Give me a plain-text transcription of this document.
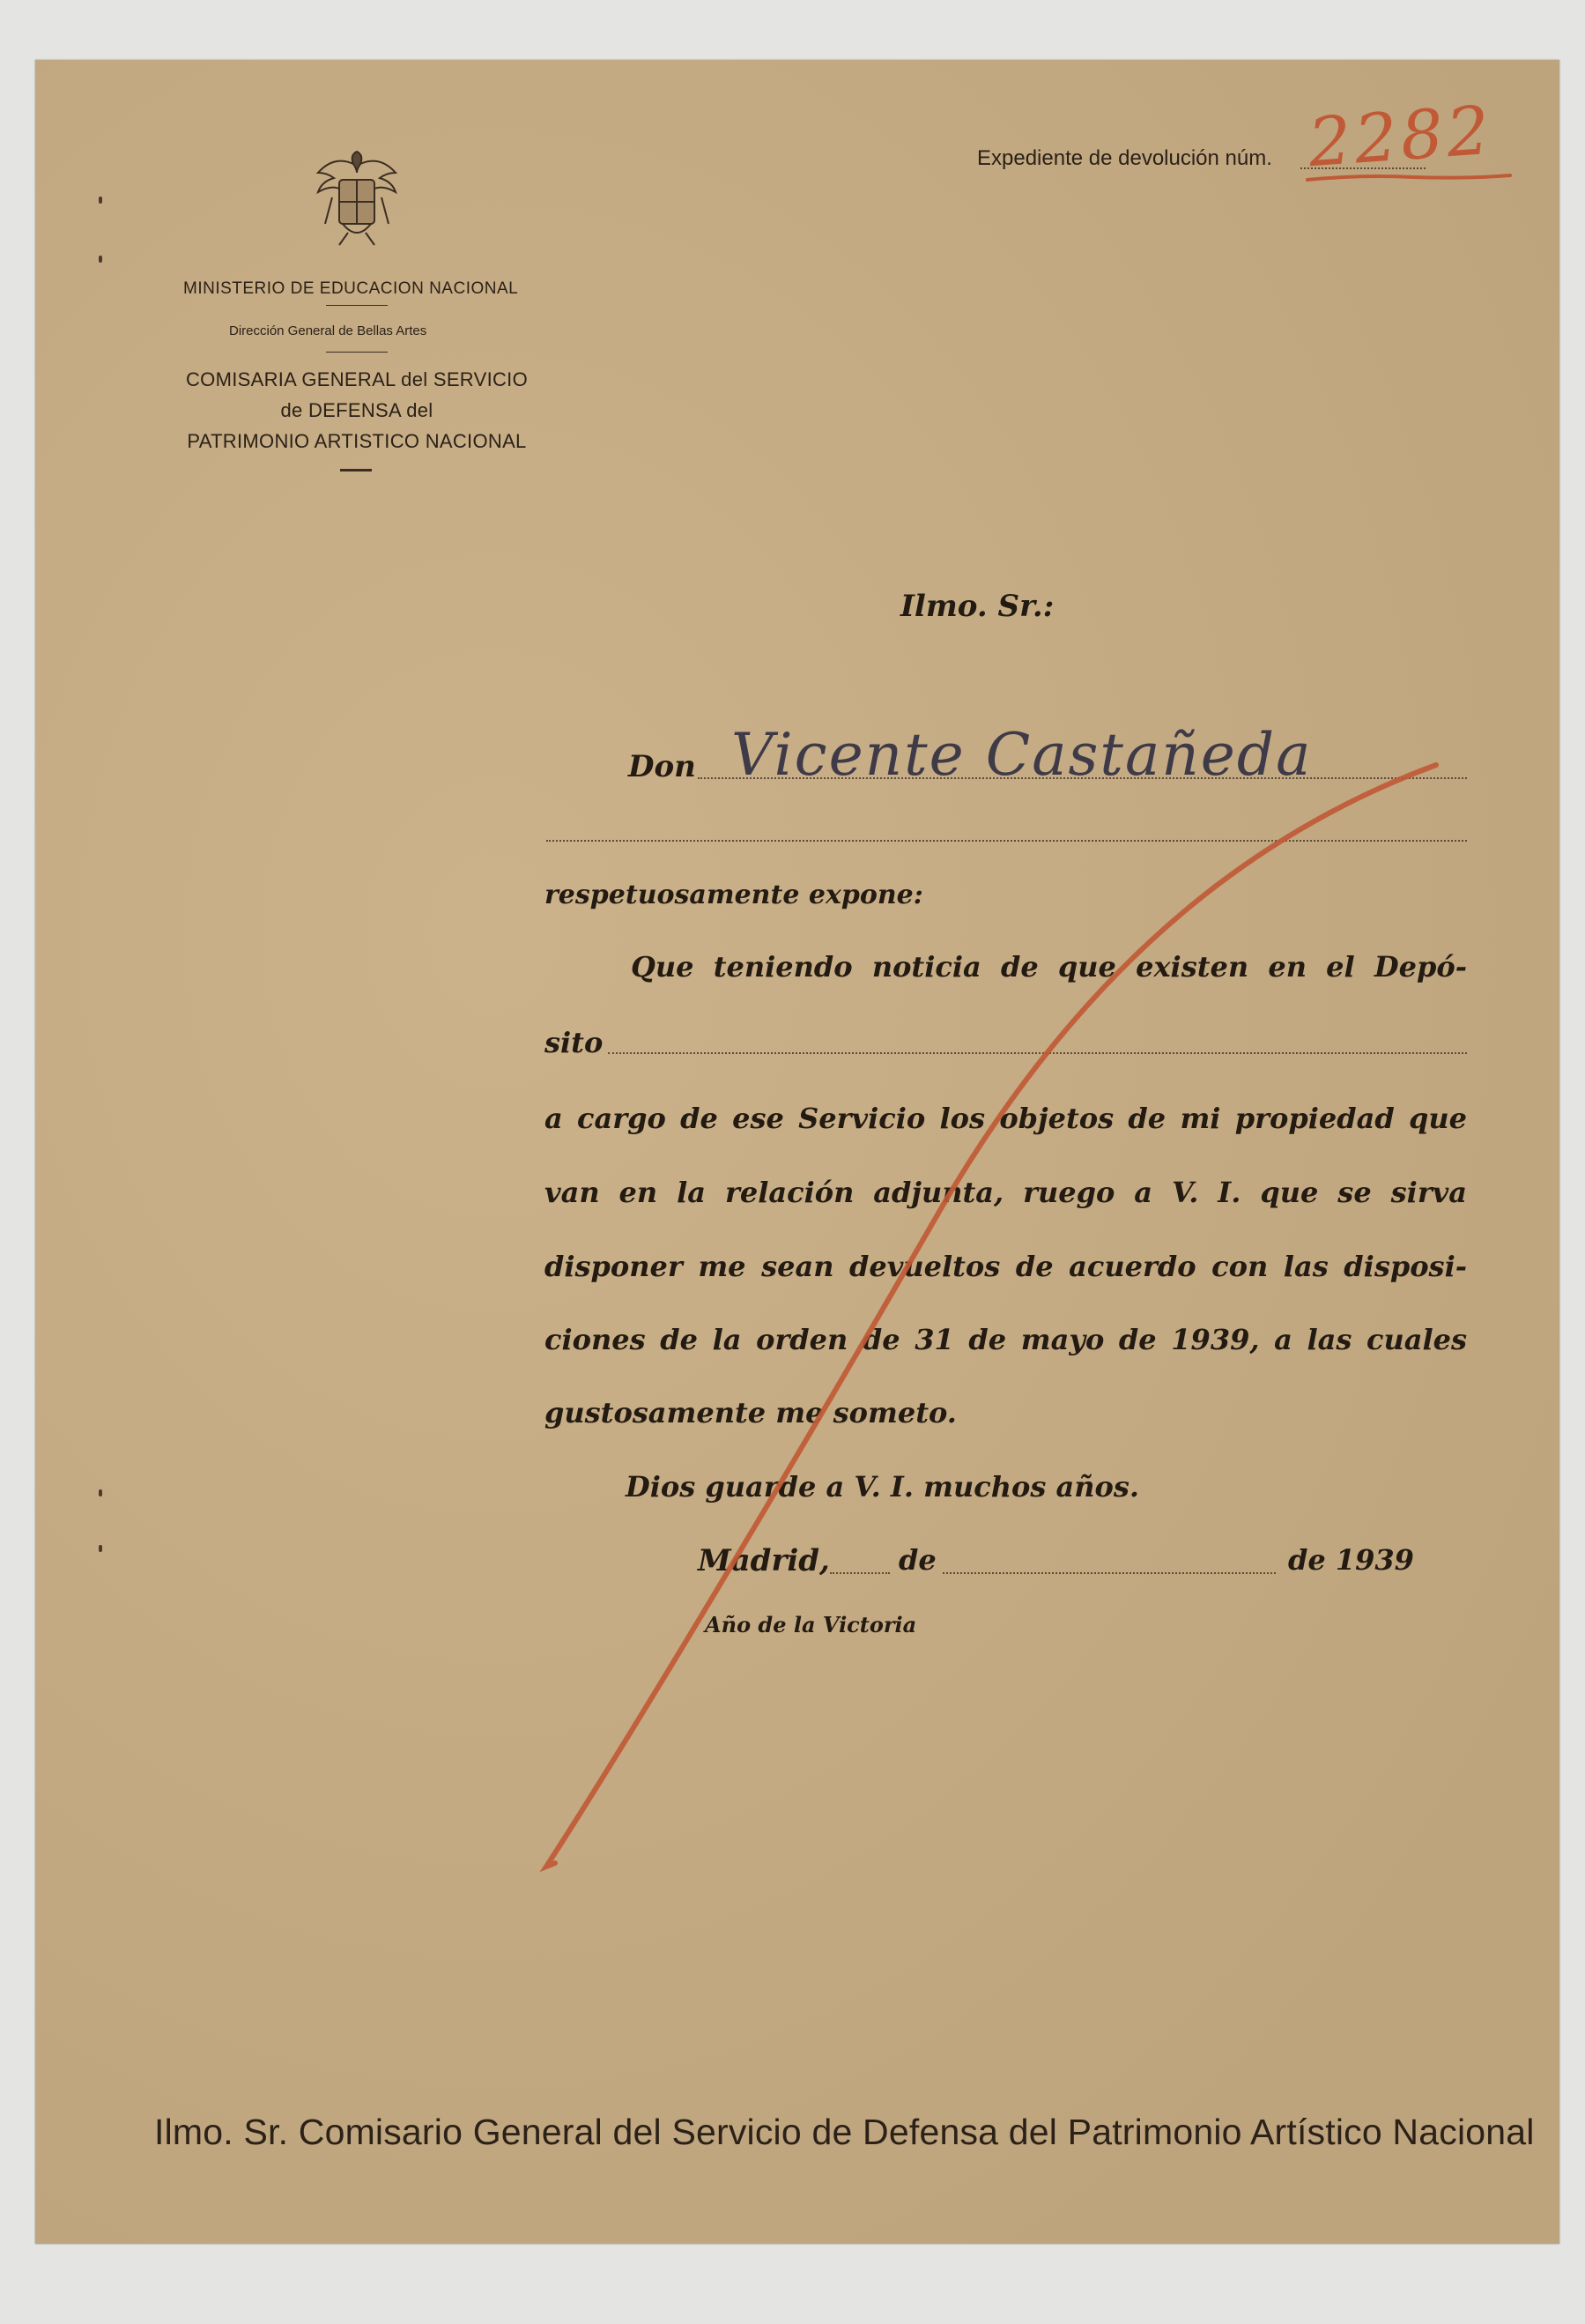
MINISTERIO DE EDUCACION NACIONAL
Dirección General de Bellas Artes
COMISARIA GENERAL del SERVICIO
de DEFENSA del
PATRIMONIO ARTISTICO NACIONAL
Expediente de devolución núm. 2282
Ilmo. Sr.:
Don Vicente Castañeda
respetuosamente expone:
Que teniendo noticia de que existen en el Depó-
sito
a cargo de ese Servicio los objetos de mi propiedad que
van en la relación adjunta, ruego a V. I. que se sirva
disponer me sean devueltos de acuerdo con las disposi-
ciones de la orden de 31 de mayo de 1939, a las cuales
gustosamente me someto.
Dios guarde a V. I. muchos años.
Madrid, de	de 1939
Año de la Victoria
Ilmo. Sr. Comisario General del Servicio de Defensa del Patrimonio Artístico Nacional
